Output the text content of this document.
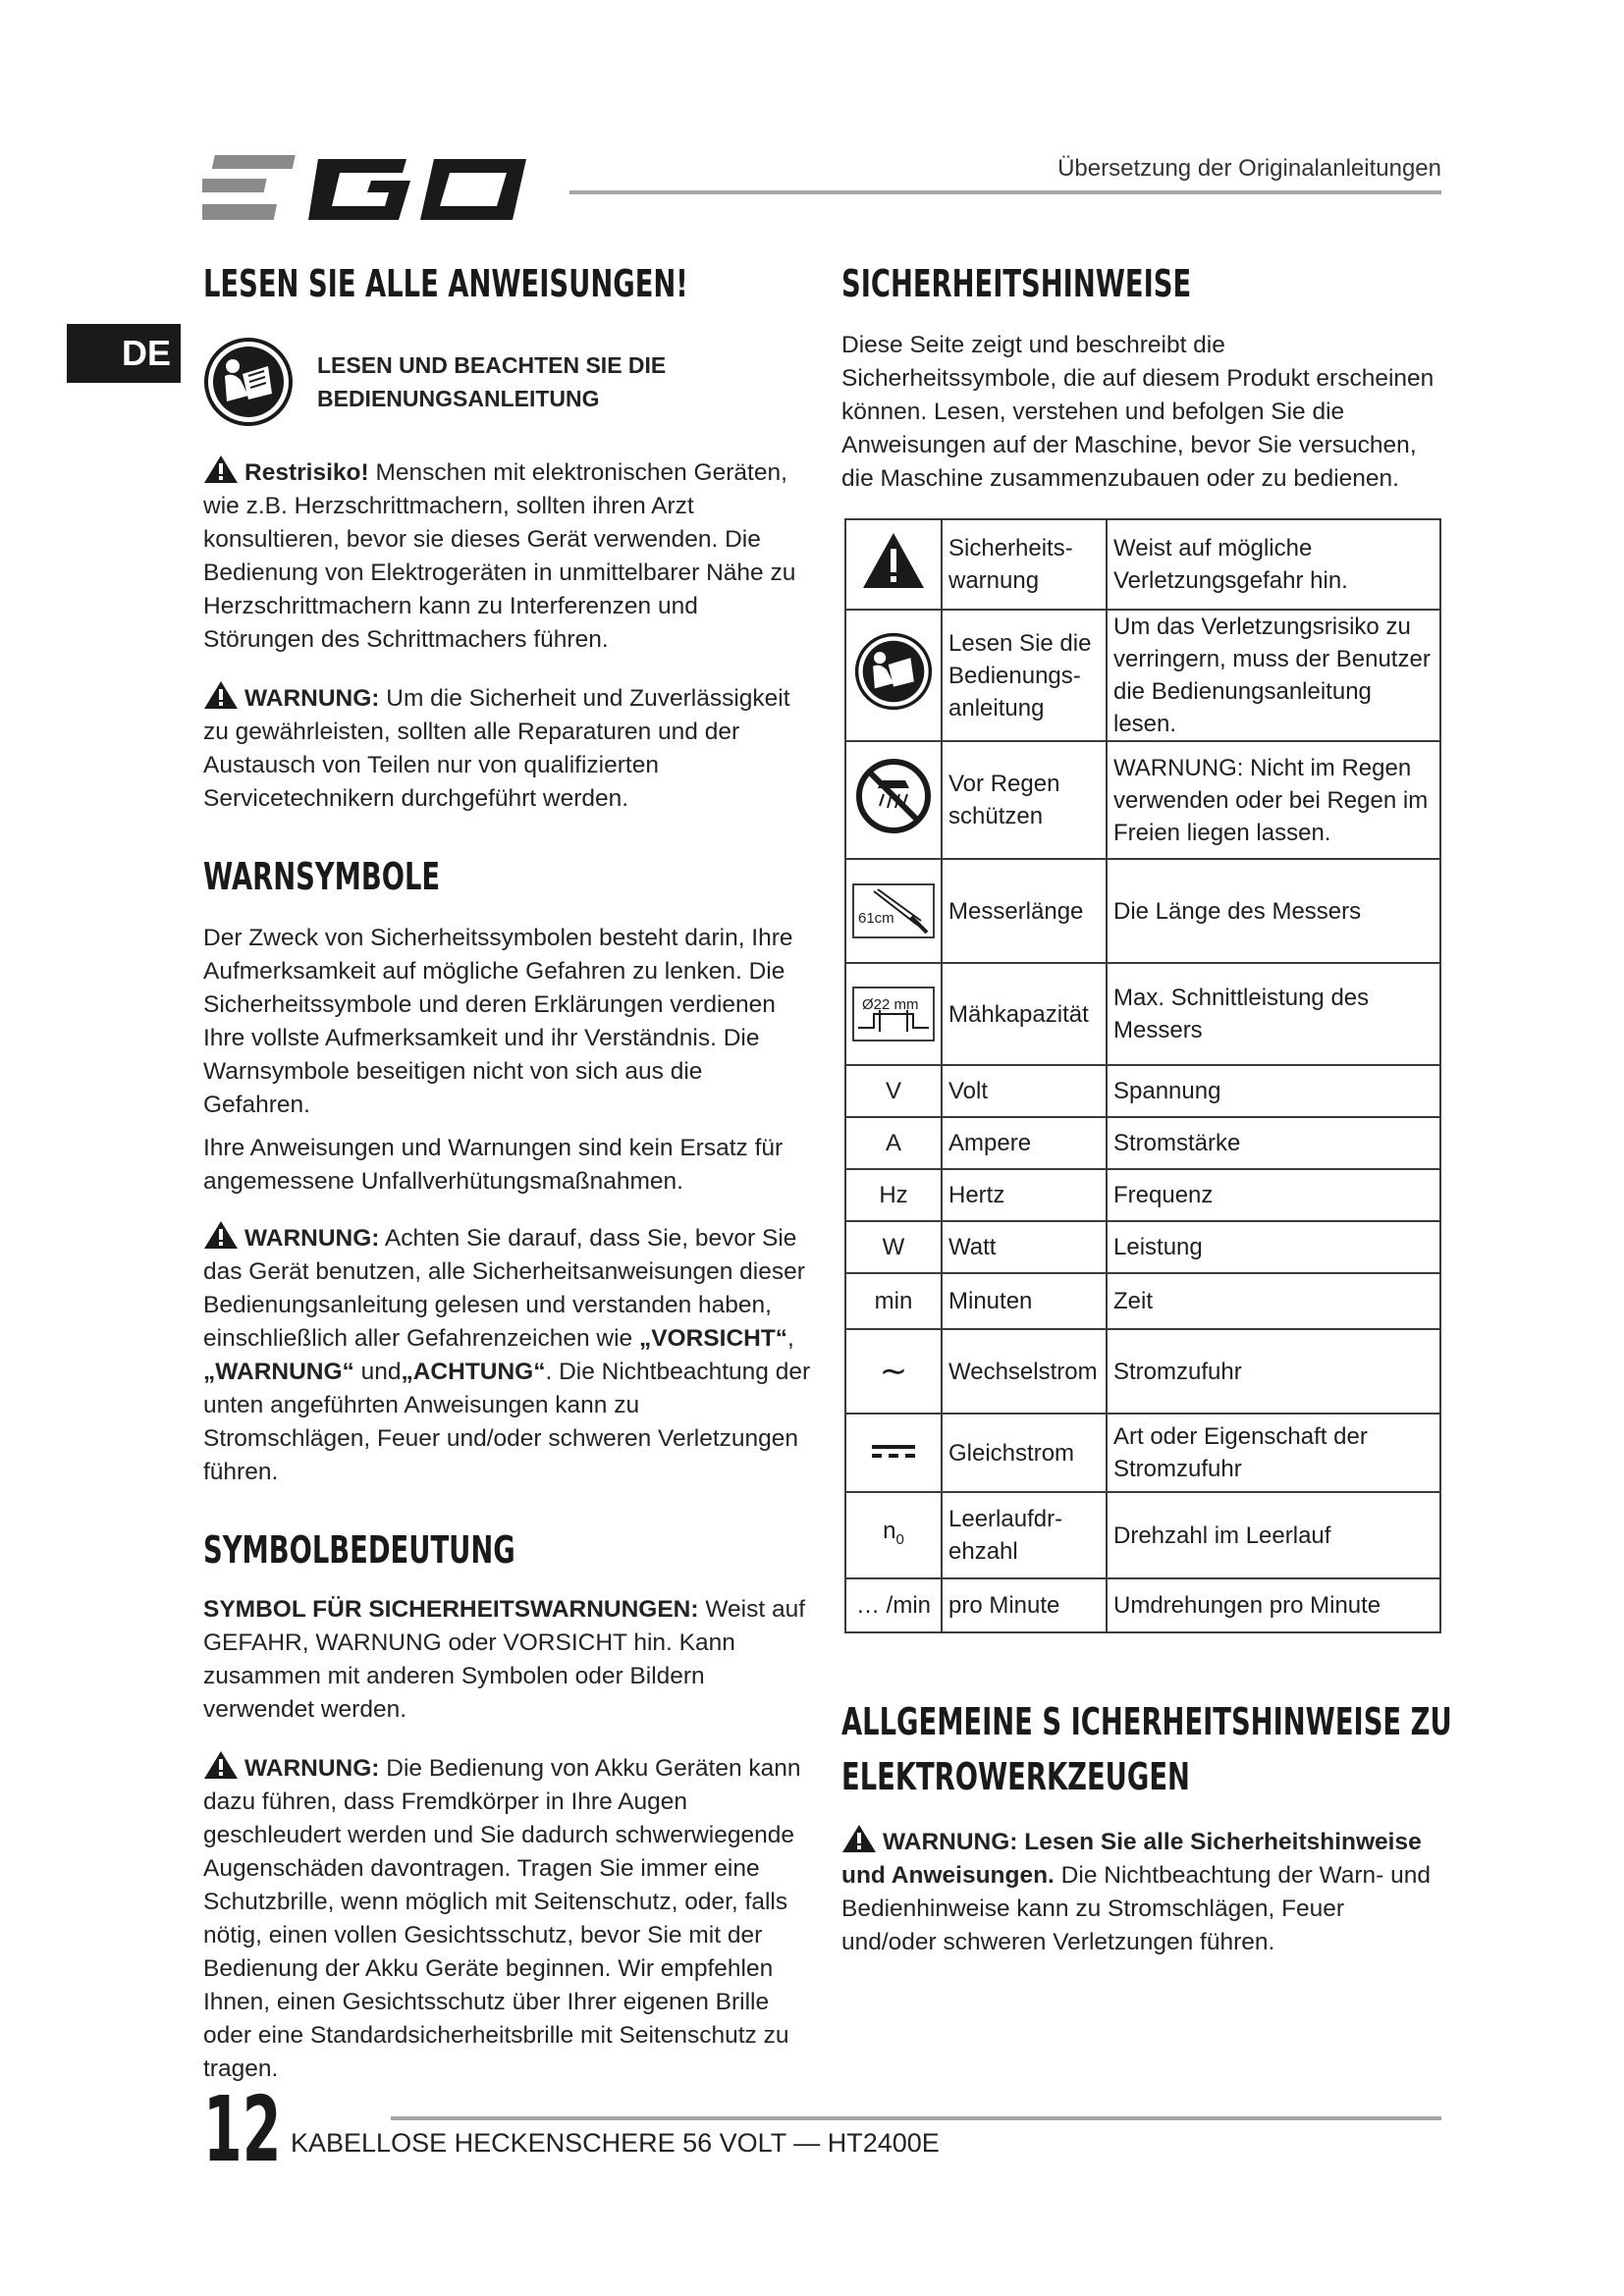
Übersetzung der Originalanleitungen
DE
LESEN SIE ALLE ANWEISUNGEN!
LESEN UND BEACHTEN SIE DIE
BEDIENUNGSANLEITUNG

Restrisiko! Menschen mit elektronischen Geräten, wie z.B. Herzschrittmachern, sollten ihren Arzt konsultieren, bevor sie dieses Gerät verwenden. Die Bedienung von Elektrogeräten in unmittelbarer Nähe zu Herzschrittmachern kann zu Interferenzen und Störungen des Schrittmachers führen.

WARNUNG: Um die Sicherheit und Zuverlässigkeit zu gewährleisten, sollten alle Reparaturen und der Austausch von Teilen nur von qualifizierten Servicetechnikern durchgeführt werden.

WARNSYMBOLE

Der Zweck von Sicherheitssymbolen besteht darin, Ihre Aufmerksamkeit auf mögliche Gefahren zu lenken. Die Sicherheitssymbole und deren Erklärungen verdienen Ihre vollste Aufmerksamkeit und ihr Verständnis. Die Warnsymbole beseitigen nicht von sich aus die Gefahren.

Ihre Anweisungen und Warnungen sind kein Ersatz für angemessene Unfallverhütungsmaßnahmen.

WARNUNG: Achten Sie darauf, dass Sie, bevor Sie das Gerät benutzen, alle Sicherheitsanweisungen dieser Bedienungsanleitung gelesen und verstanden haben, einschließlich aller Gefahrenzeichen wie „VORSICHT“, „WARNUNG“ und„ACHTUNG“. Die Nichtbeachtung der unten angeführten Anweisungen kann zu Stromschlägen, Feuer und/oder schweren Verletzungen führen.

SYMBOLBEDEUTUNG

SYMBOL FÜR SICHERHEITSWARNUNGEN: Weist auf GEFAHR, WARNUNG oder VORSICHT hin. Kann zusammen mit anderen Symbolen oder Bildern verwendet werden.

WARNUNG: Die Bedienung von Akku Geräten kann dazu führen, dass Fremdkörper in Ihre Augen geschleudert werden und Sie dadurch schwerwiegende Augenschäden davontragen. Tragen Sie immer eine Schutzbrille, wenn möglich mit Seitenschutz, oder, falls nötig, einen vollen Gesichtsschutz, bevor Sie mit der Bedienung der Akku Geräte beginnen. Wir empfehlen Ihnen, einen Gesichtsschutz über Ihrer eigenen Brille oder eine Standardsicherheitsbrille mit Seitenschutz zu tragen.

SICHERHEITSHINWEISE

Diese Seite zeigt und beschreibt die Sicherheitssymbole, die auf diesem Produkt erscheinen können. Lesen, verstehen und befolgen Sie die Anweisungen auf der Maschine, bevor Sie versuchen, die Maschine zusammenzubauen oder zu bedienen.

	Sicherheits-warnung	Weist auf mögliche Verletzungsgefahr hin.
	Lesen Sie die Bedienungs-anleitung	Um das Verletzungsrisiko zu verringern, muss der Benutzer die Bedienungsanleitung lesen.
	Vor Regen schützen	WARNUNG: Nicht im Regen verwenden oder bei Regen im Freien liegen lassen.

61cm	Messerlänge	Die Länge des Messers

Ø22 mm	Mähkapazität	Max. Schnittleistung des Messers
V	Volt	Spannung
A	Ampere	Stromstärke
Hz	Hertz	Frequenz
W	Watt	Leistung
min	Minuten	Zeit
∼	Wechselstrom	Stromzufuhr
	Gleichstrom	Art oder Eigenschaft der Stromzufuhr
$n_0$	Leerlaufdr-ehzahl	Drehzahl im Leerlauf
… /min	pro Minute	Umdrehungen pro Minute
ALLGEMEINE S ICHERHEITSHINWEISE ZU
ELEKTROWERKZEUGEN

WARNUNG: Lesen Sie alle Sicherheitshinweise und Anweisungen. Die Nichtbeachtung der Warn- und Bedienhinweise kann zu Stromschlägen, Feuer und/oder schweren Verletzungen führen.

12 KABELLOSE HECKENSCHERE 56 VOLT — HT2400E
